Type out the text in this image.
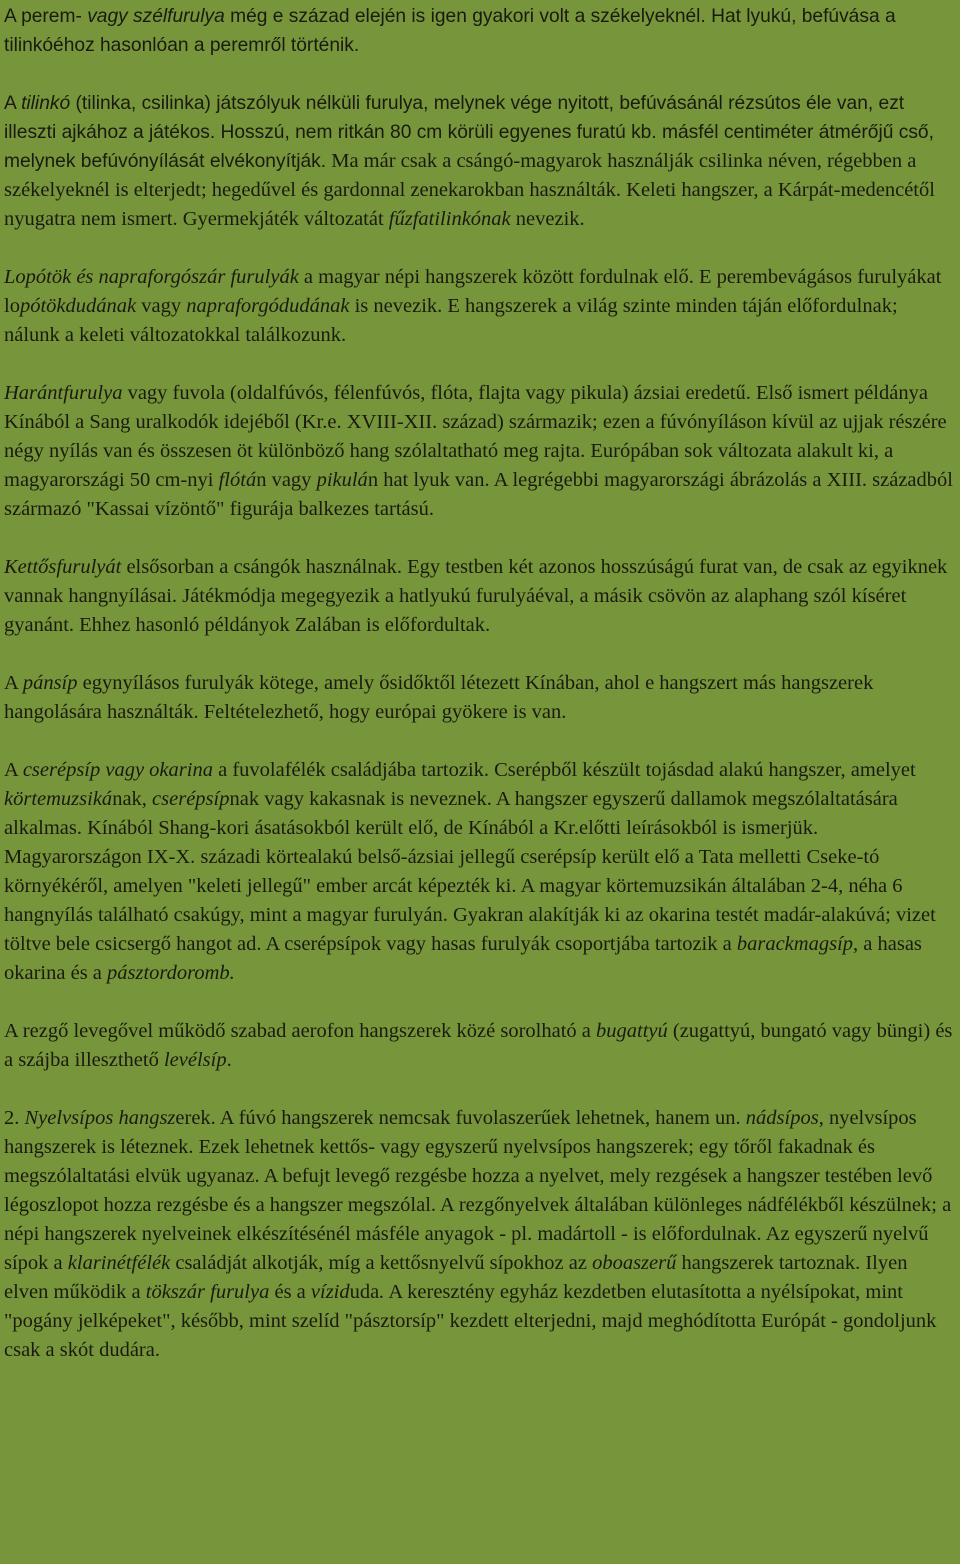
A perem- vagy szélfurulya még e század elején is igen gyakori volt a székelyeknél. Hat lyukú, befúvása a tilinkóéhoz hasonlóan a peremről történik.

A tilinkó (tilinka, csilinka) játszólyuk nélküli furulya, melynek vége nyitott, befúvásánál rézsútos éle van, ezt illeszti ajkához a játékos. Hosszú, nem ritkán 80 cm körüli egyenes furatú kb. másfél centiméter átmérőjű cső, melynek befúvónyílását elvékonyítják. Ma már csak a csángó-magyarok használják csilinka néven, régebben a székelyeknél is elterjedt; hegedűvel és gardonnal zenekarokban használták. Keleti hangszer, a Kárpát-medencétől nyugatra nem ismert. Gyermekjáték változatát fűzfatilinkónak nevezik.

Lopótök és napraforgószár furulyák a magyar népi hangszerek között fordulnak elő. E perembevágásos furulyákat lopótökdudának vagy napraforgódudának is nevezik. E hangszerek a világ szinte minden táján előfordulnak; nálunk a keleti változatokkal találkozunk.

Harántfurulya vagy fuvola (oldalfúvós, félenfúvós, flóta, flajta vagy pikula) ázsiai eredetű. Első ismert példánya Kínából a Sang uralkodók idejéből (Kr.e. XVIII-XII. század) származik; ezen a fúvónyíláson kívül az ujjak részére négy nyílás van és összesen öt különböző hang szólaltatható meg rajta. Európában sok változata alakult ki, a magyarországi 50 cm-nyi flótán vagy pikulán hat lyuk van. A legrégebbi magyarországi ábrázolás a XIII. századból származó "Kassai vízöntő" figurája balkezes tartású.

Kettősfurulyát elsősorban a csángók használnak. Egy testben két azonos hosszúságú furat van, de csak az egyiknek vannak hangnyílásai. Játékmódja megegyezik a hatlyukú furulyáéval, a másik csövön az alaphang szól kíséret gyanánt. Ehhez hasonló példányok Zalában is előfordultak.

A pánsíp egynyílásos furulyák kötege, amely ősidőktől létezett Kínában, ahol e hangszert más hangszerek hangolására használták. Feltételezhető, hogy európai gyökere is van.

A cserépsíp vagy okarina a fuvolafélék családjába tartozik. Cserépből készült tojásdad alakú hangszer, amelyet körtemuzsikának, cserépsípnak vagy kakasnak is neveznek. A hangszer egyszerű dallamok megszólaltatására alkalmas. Kínából Shang-kori ásatásokból került elő, de Kínából a Kr.előtti leírásokból is ismerjük. Magyarországon IX-X. századi körtealakú belső-ázsiai jellegű cserépsíp került elő a Tata melletti Cseke-tó környékéről, amelyen "keleti jellegű" ember arcát képezték ki. A magyar körtemuzsikán általában 2-4, néha 6 hangnyílás található csakúgy, mint a magyar furulyán. Gyakran alakítják ki az okarina testét madár-alakúvá; vizet töltve bele csicsergő hangot ad. A cserépsípok vagy hasas furulyák csoportjába tartozik a barackmagsíp, a hasas okarina és a pásztordoromb.

A rezgő levegővel működő szabad aerofon hangszerek közé sorolható a bugattyú (zugattyú, bungató vagy büngi) és a szájba illeszthető levélsíp.

2. Nyelvsípos hangszerek. A fúvó hangszerek nemcsak fuvolaszerűek lehetnek, hanem un. nádsípos, nyelvsípos hangszerek is léteznek. Ezek lehetnek kettős- vagy egyszerű nyelvsípos hangszerek; egy tőről fakadnak és megszólaltatási elvük ugyanaz. A befujt levegő rezgésbe hozza a nyelvet, mely rezgések a hangszer testében levő légoszlopot hozza rezgésbe és a hangszer megszólal. A rezgőnyelvek általában különleges nádfélékből készülnek; a népi hangszerek nyelveinek elkészítésénél másféle anyagok - pl. madártoll - is előfordulnak. Az egyszerű nyelvű sípok a klarinétfélék családját alkotják, míg a kettősnyelvű sípokhoz az oboaszerű hangszerek tartoznak. Ilyen elven működik a tökszár furulya és a víziduda. A keresztény egyház kezdetben elutasította a nyélsípokat, mint "pogány jelképeket", később, mint szelíd "pásztorsíp" kezdett elterjedni, majd meghódította Európát - gondoljunk csak a skót dudára.
